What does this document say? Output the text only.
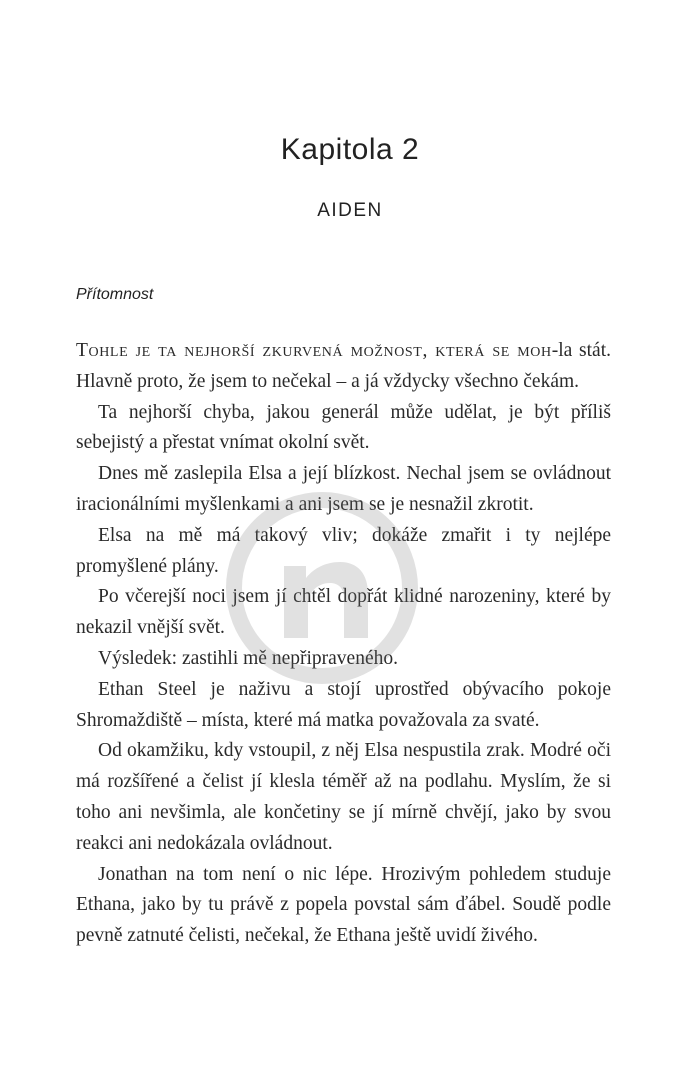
Kapitola 2
AIDEN
Přítomnost

Tohle je ta nejhorší zkurvená možnost, která se moh-la stát. Hlavně proto, že jsem to nečekal – a já vždycky všechno čekám.

Ta nejhorší chyba, jakou generál může udělat, je být příliš sebejistý a přestat vnímat okolní svět.

Dnes mě zaslepila Elsa a její blízkost. Nechal jsem se ovládnout iracionálními myšlenkami a ani jsem se je nesnažil zkrotit.

Elsa na mě má takový vliv; dokáže zmařit i ty nejlépe promyšlené plány.

Po včerejší noci jsem jí chtěl dopřát klidné narozeniny, které by nekazil vnější svět.

Výsledek: zastihli mě nepřipraveného.

Ethan Steel je naživu a stojí uprostřed obývacího pokoje Shromaždiště – místa, které má matka považovala za svaté.

Od okamžiku, kdy vstoupil, z něj Elsa nespustila zrak. Modré oči má rozšířené a čelist jí klesla téměř až na podlahu. Myslím, že si toho ani nevšimla, ale končetiny se jí mírně chvějí, jako by svou reakci ani nedokázala ovládnout.

Jonathan na tom není o nic lépe. Hrozivým pohledem studuje Ethana, jako by tu právě z popela povstal sám ďábel. Soudě podle pevně zatnuté čelisti, nečekal, že Ethana ještě uvidí živého.
